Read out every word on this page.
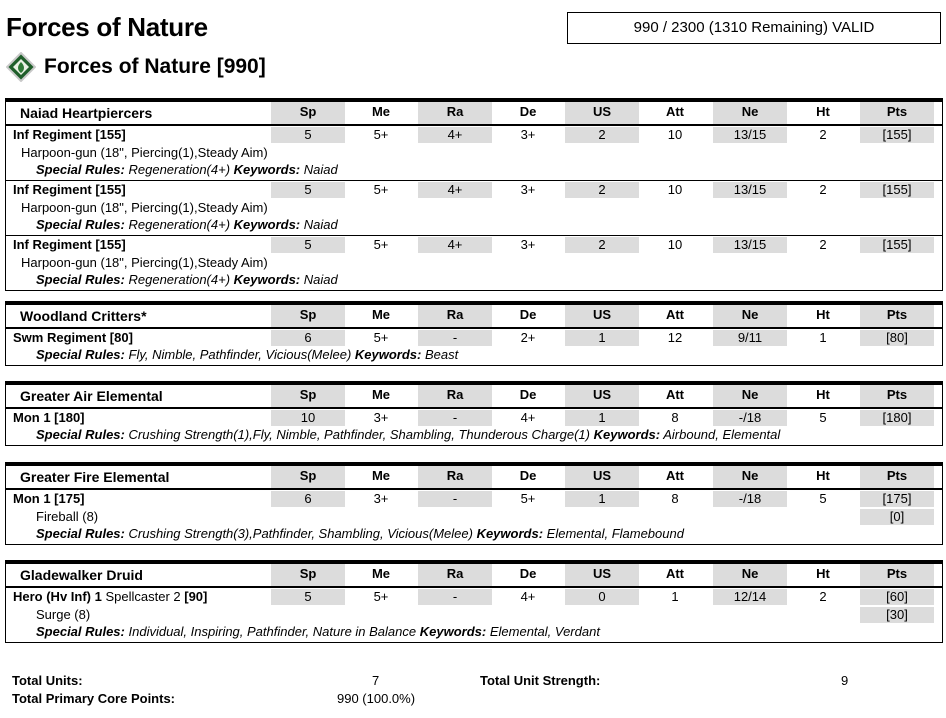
Forces of Nature	990 / 2300 (1310 Remaining) VALID
Forces of Nature [990]
Naiad Heartpiercers	Sp	Me	Ra	De	US	Att	Ne	Ht	Pts
Inf Regiment [155]	5	5+	4+	3+	2	10	13/15	2	[155]
Harpoon-gun (18", Piercing(1),Steady Aim)
Special Rules: Regeneration(4+) Keywords: Naiad
Inf Regiment [155]	5	5+	4+	3+	2	10	13/15	2	[155]
Harpoon-gun (18", Piercing(1),Steady Aim)
Special Rules: Regeneration(4+) Keywords: Naiad
Inf Regiment [155]	5	5+	4+	3+	2	10	13/15	2	[155]
Harpoon-gun (18", Piercing(1),Steady Aim)
Special Rules: Regeneration(4+) Keywords: Naiad
Woodland Critters*	Sp	Me	Ra	De	US	Att	Ne	Ht	Pts
Swm Regiment [80]	6	5+	-	2+	1	12	9/11	1	[80]
Special Rules: Fly, Nimble, Pathfinder, Vicious(Melee) Keywords: Beast
Greater Air Elemental	Sp	Me	Ra	De	US	Att	Ne	Ht	Pts
Mon 1 [180]	10	3+	-	4+	1	8	-/18	5	[180]
Special Rules: Crushing Strength(1),Fly, Nimble, Pathfinder, Shambling, Thunderous Charge(1) Keywords: Airbound, Elemental
Greater Fire Elemental	Sp	Me	Ra	De	US	Att	Ne	Ht	Pts
Mon 1 [175]	6	3+	-	5+	1	8	-/18	5	[175]
Fireball (8)	[0]
Special Rules: Crushing Strength(3),Pathfinder, Shambling, Vicious(Melee) Keywords: Elemental, Flamebound
Gladewalker Druid	Sp	Me	Ra	De	US	Att	Ne	Ht	Pts
Hero (Hv Inf) 1 Spellcaster 2 [90]	5	5+	-	4+	0	1	12/14	2	[60]
Surge (8)	[30]
Special Rules: Individual, Inspiring, Pathfinder, Nature in Balance Keywords: Elemental, Verdant
Total Units:	7
Total Primary Core Points:	990 (100.0%)
Total Unit Strength:	9
